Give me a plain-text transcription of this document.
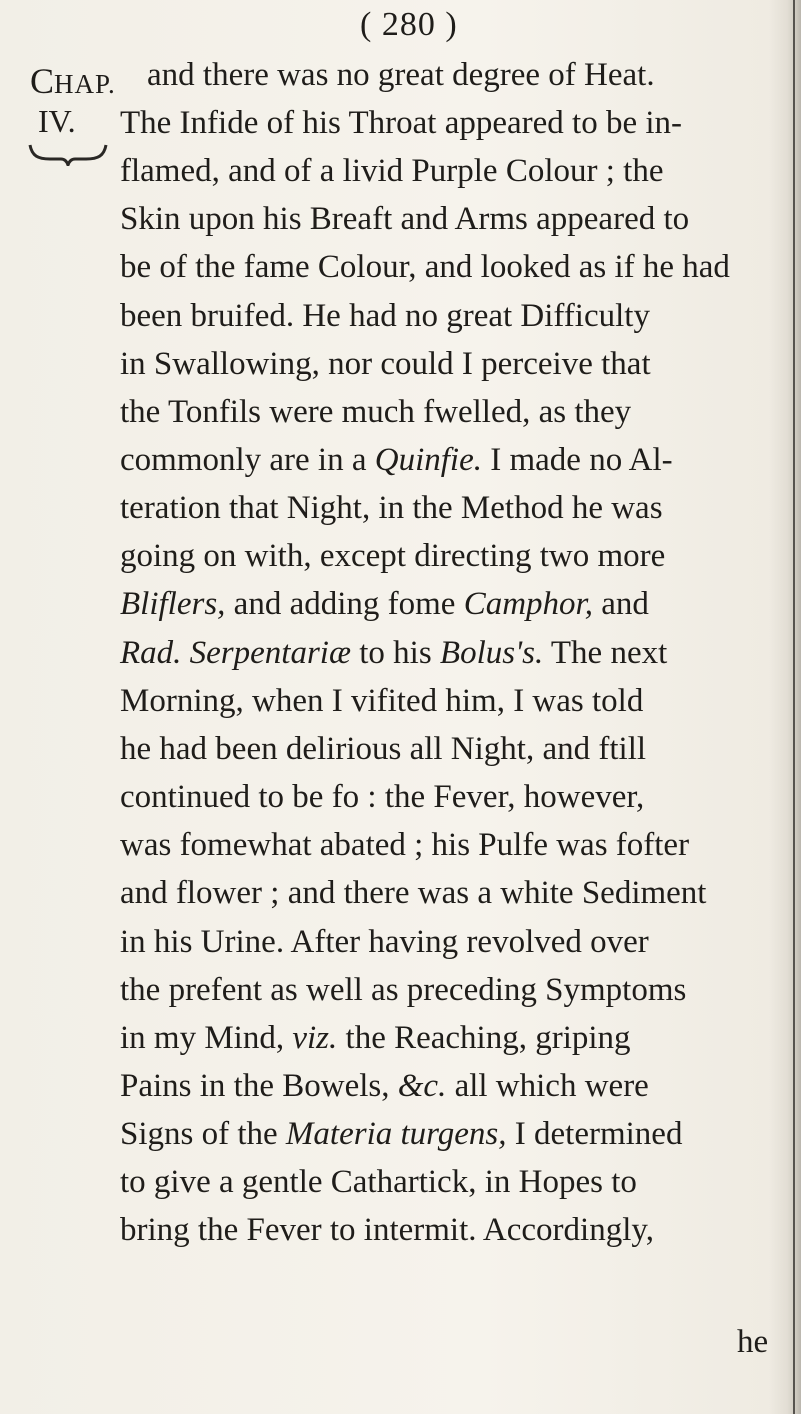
( 280 )
CHAP.
IV.
and there was no great degree of Heat.
The Infide of his Throat appeared to be in-
flamed, and of a livid Purple Colour ; the
Skin upon his Breaft and Arms appeared to
be of the fame Colour, and looked as if he had
been bruifed. He had no great Difficulty
in Swallowing, nor could I perceive that
the Tonfils were much fwelled, as they
commonly are in a Quinfie. I made no Al-
teration that Night, in the Method he was
going on with, except directing two more
Bliflers, and adding fome Camphor, and
Rad. Serpentariæ to his Bolus's. The next
Morning, when I vifited him, I was told
he had been delirious all Night, and ftill
continued to be fo : the Fever, however,
was fomewhat abated ; his Pulfe was fofter
and flower ; and there was a white Sediment
in his Urine. After having revolved over
the prefent as well as preceding Symptoms
in my Mind, viz. the Reaching, griping
Pains in the Bowels, &c. all which were
Signs of the Materia turgens, I determined
to give a gentle Cathartick, in Hopes to
bring the Fever to intermit. Accordingly,
he
